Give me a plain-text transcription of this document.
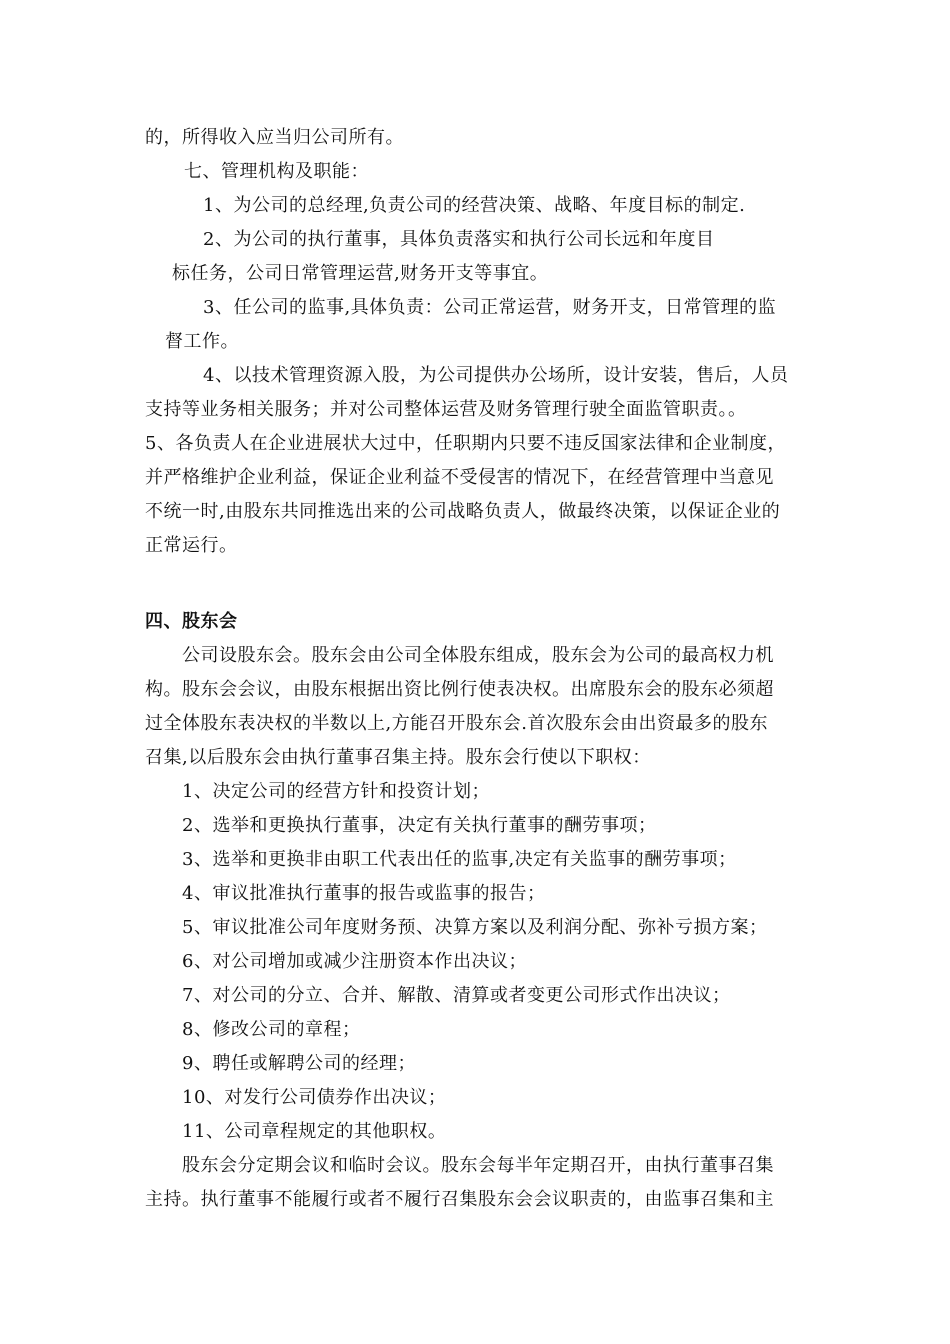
的，所得收入应当归公司所有。
七、管理机构及职能：
1、为公司的总经理,负责公司的经营决策、战略、年度目标的制定.
2、为公司的执行董事，具体负责落实和执行公司长远和年度目
标任务，公司日常管理运营,财务开支等事宜。
3、任公司的监事,具体负责：公司正常运营，财务开支，日常管理的监
督工作。
4、以技术管理资源入股，为公司提供办公场所，设计安装，售后，人员
支持等业务相关服务；并对公司整体运营及财务管理行驶全面监管职责。。
5、各负责人在企业进展状大过中，任职期内只要不违反国家法律和企业制度，
并严格维护企业利益，保证企业利益不受侵害的情况下，在经营管理中当意见
不统一时,由股东共同推选出来的公司战略负责人，做最终决策，以保证企业的
正常运行。
四、股东会
公司设股东会。股东会由公司全体股东组成，股东会为公司的最高权力机
构。股东会会议，由股东根据出资比例行使表决权。出席股东会的股东必须超
过全体股东表决权的半数以上,方能召开股东会.首次股东会由出资最多的股东
召集,以后股东会由执行董事召集主持。股东会行使以下职权：
1、决定公司的经营方针和投资计划；
2、选举和更换执行董事，决定有关执行董事的酬劳事项；
3、选举和更换非由职工代表出任的监事,决定有关监事的酬劳事项；
4、审议批准执行董事的报告或监事的报告；
5、审议批准公司年度财务预、决算方案以及利润分配、弥补亏损方案；
6、对公司增加或减少注册资本作出决议；
7、对公司的分立、合并、解散、清算或者变更公司形式作出决议；
8、修改公司的章程；
9、聘任或解聘公司的经理；
10、对发行公司债券作出决议；
11、公司章程规定的其他职权。
股东会分定期会议和临时会议。股东会每半年定期召开，由执行董事召集
主持。执行董事不能履行或者不履行召集股东会会议职责的，由监事召集和主
